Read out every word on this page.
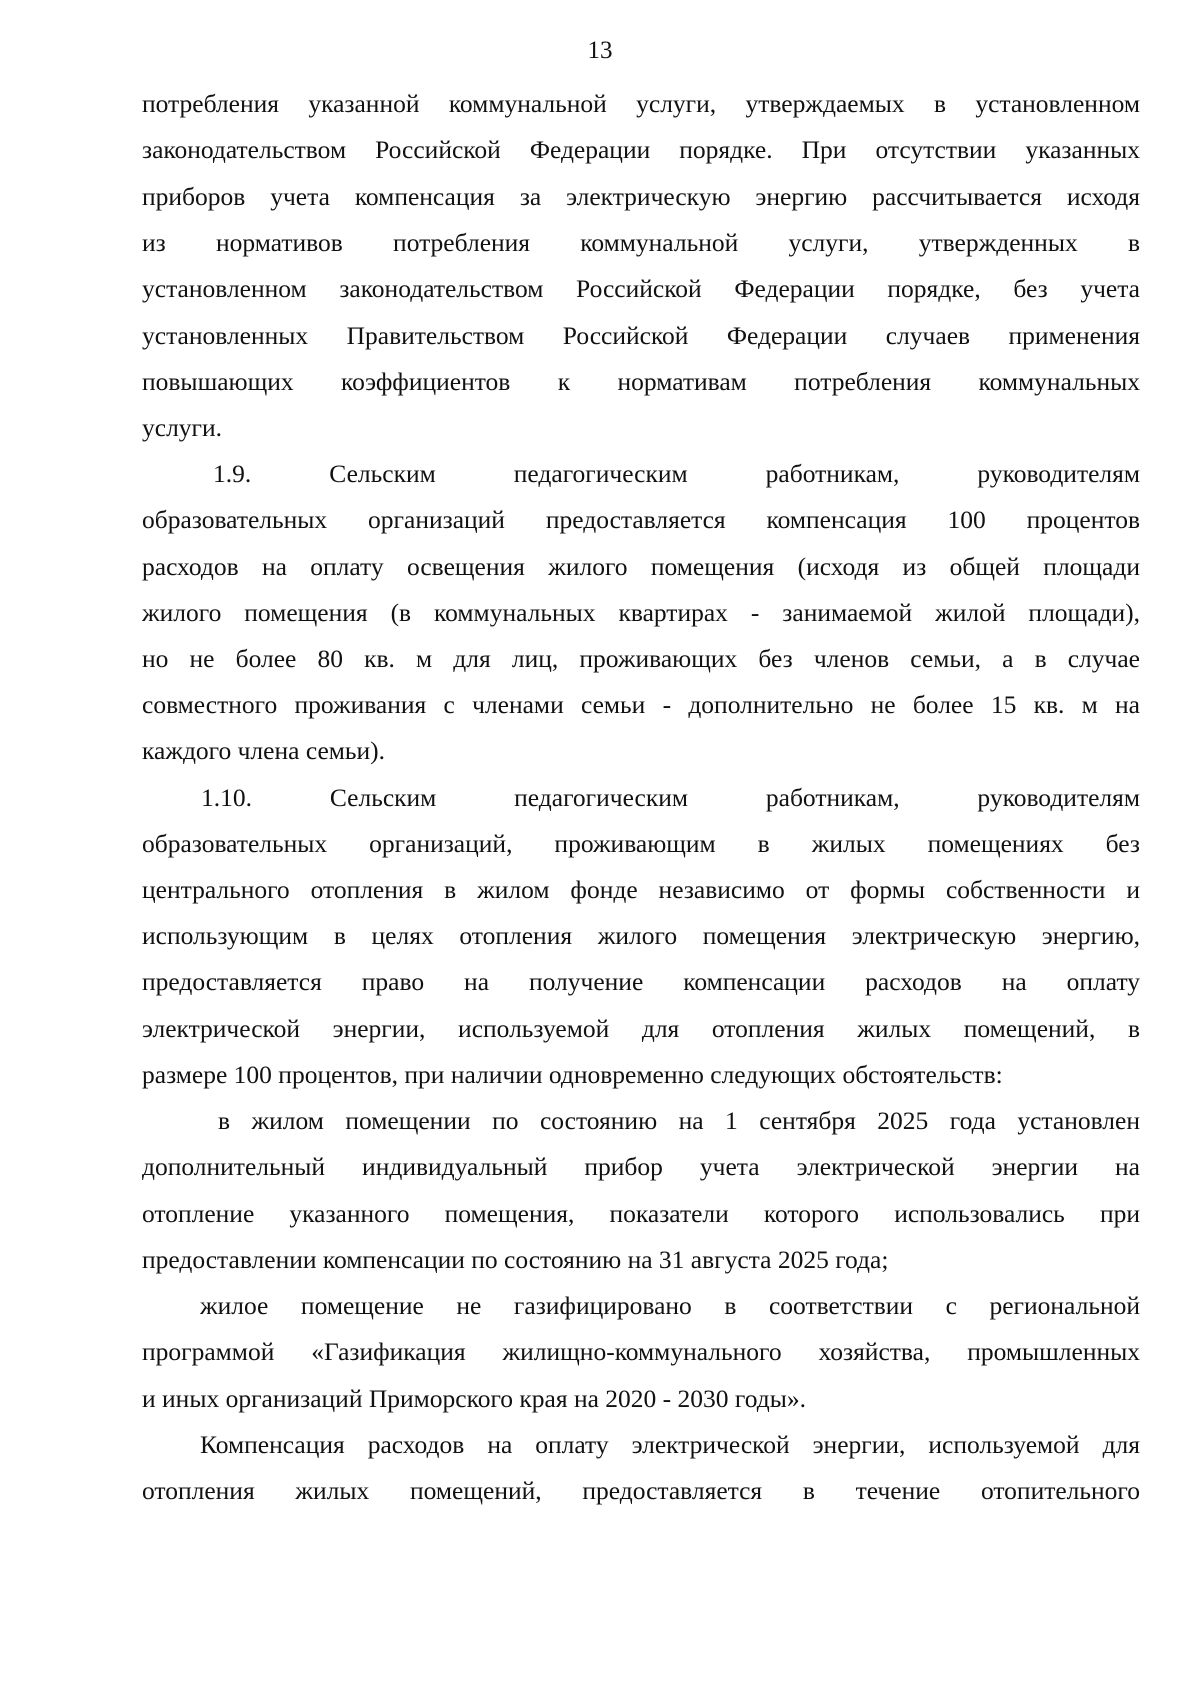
13
потребления указанной коммунальной услуги, утверждаемых в установленном
законодательством Российской Федерации порядке. При отсутствии указанных
приборов учета компенсация за электрическую энергию рассчитывается исходя
из нормативов потребления коммунальной услуги, утвержденных в
установленном законодательством Российской Федерации порядке, без учета
установленных Правительством Российской Федерации случаев применения
повышающих коэффициентов к нормативам потребления коммунальных
услуги.
1.9. Сельским педагогическим работникам, руководителям
образовательных организаций предоставляется компенсация 100 процентов
расходов на оплату освещения жилого помещения (исходя из общей площади
жилого помещения (в коммунальных квартирах - занимаемой жилой площади),
но не более 80 кв. м для лиц, проживающих без членов семьи, а в случае
совместного проживания с членами семьи - дополнительно не более 15 кв. м на
каждого члена семьи).
1.10. Сельским педагогическим работникам, руководителям
образовательных организаций, проживающим в жилых помещениях без
центрального отопления в жилом фонде независимо от формы собственности и
использующим в целях отопления жилого помещения электрическую энергию,
предоставляется право на получение компенсации расходов на оплату
электрической энергии, используемой для отопления жилых помещений, в
размере 100 процентов, при наличии одновременно следующих обстоятельств:
в жилом помещении по состоянию на 1 сентября 2025 года установлен
дополнительный индивидуальный прибор учета электрической энергии на
отопление указанного помещения, показатели которого использовались при
предоставлении компенсации по состоянию на 31 августа 2025 года;
жилое помещение не газифицировано в соответствии с региональной
программой «Газификация жилищно-коммунального хозяйства, промышленных
и иных организаций Приморского края на 2020 - 2030 годы».
Компенсация расходов на оплату электрической энергии, используемой для
отопления жилых помещений, предоставляется в течение отопительного
